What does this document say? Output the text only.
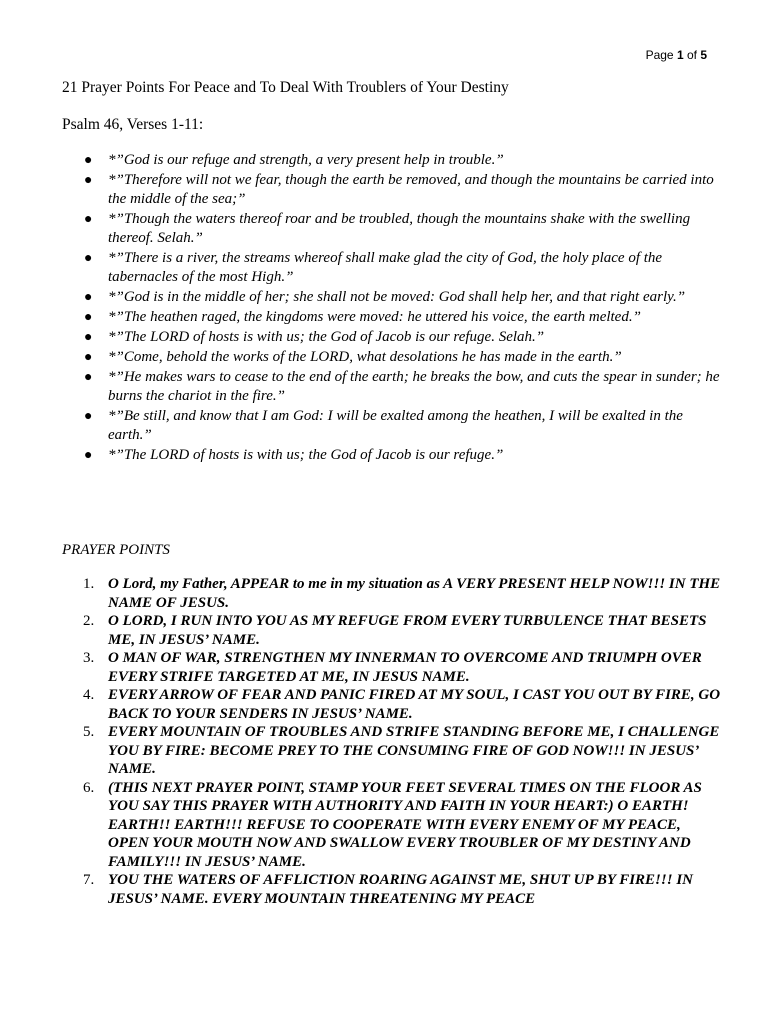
Page 1 of 5
21 Prayer Points For Peace and To Deal With Troublers of Your Destiny

Psalm 46, Verses 1-11:

● *”God is our refuge and strength, a very present help in trouble.”
● *”Therefore will not we fear, though the earth be removed, and though the mountains be carried into the middle of the sea;”
● *”Though the waters thereof roar and be troubled, though the mountains shake with the swelling thereof. Selah.”
● *”There is a river, the streams whereof shall make glad the city of God, the holy place of the tabernacles of the most High.”
● *”God is in the middle of her; she shall not be moved: God shall help her, and that right early.”
● *”The heathen raged, the kingdoms were moved: he uttered his voice, the earth melted.”
● *”The LORD of hosts is with us; the God of Jacob is our refuge. Selah.”
● *”Come, behold the works of the LORD, what desolations he has made in the earth.”
● *”He makes wars to cease to the end of the earth; he breaks the bow, and cuts the spear in sunder; he burns the chariot in the fire.”
● *”Be still, and know that I am God: I will be exalted among the heathen, I will be exalted in the earth.”
● *”The LORD of hosts is with us; the God of Jacob is our refuge.”

PRAYER POINTS

1. O Lord, my Father, APPEAR to me in my situation as A VERY PRESENT HELP NOW!!! IN THE NAME OF JESUS.
2. O LORD, I RUN INTO YOU AS MY REFUGE FROM EVERY TURBULENCE THAT BESETS ME, IN JESUS’ NAME.
3. O MAN OF WAR, STRENGTHEN MY INNERMAN TO OVERCOME AND TRIUMPH OVER EVERY STRIFE TARGETED AT ME, IN JESUS NAME.
4. EVERY ARROW OF FEAR AND PANIC FIRED AT MY SOUL, I CAST YOU OUT BY FIRE, GO BACK TO YOUR SENDERS IN JESUS’ NAME.
5. EVERY MOUNTAIN OF TROUBLES AND STRIFE STANDING BEFORE ME, I CHALLENGE YOU BY FIRE: BECOME PREY TO THE CONSUMING FIRE OF GOD NOW!!! IN JESUS’ NAME.
6. (THIS NEXT PRAYER POINT, STAMP YOUR FEET SEVERAL TIMES ON THE FLOOR AS YOU SAY THIS PRAYER WITH AUTHORITY AND FAITH IN YOUR HEART:) O EARTH! EARTH!! EARTH!!! REFUSE TO COOPERATE WITH EVERY ENEMY OF MY PEACE, OPEN YOUR MOUTH NOW AND SWALLOW EVERY TROUBLER OF MY DESTINY AND FAMILY!!! IN JESUS’ NAME.
7. YOU THE WATERS OF AFFLICTION ROARING AGAINST ME, SHUT UP BY FIRE!!! IN JESUS’ NAME. EVERY MOUNTAIN THREATENING MY PEACE
